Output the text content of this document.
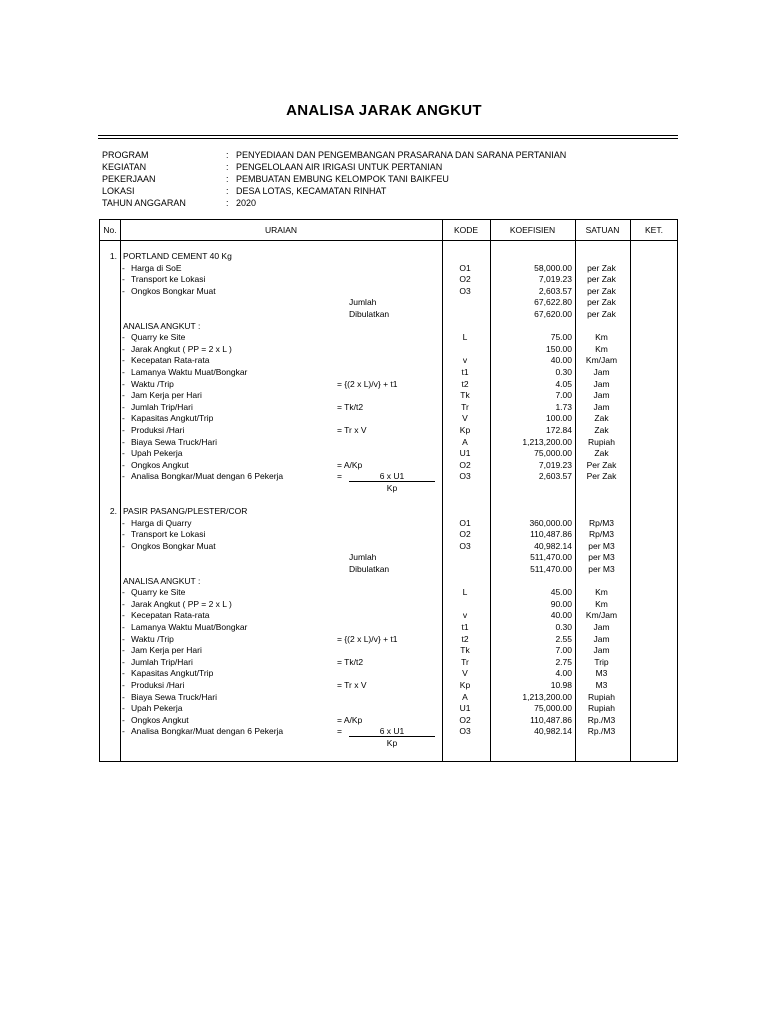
ANALISA JARAK ANGKUT
PROGRAM	: PENYEDIAAN DAN PENGEMBANGAN PRASARANA DAN SARANA PERTANIAN
KEGIATAN	: PENGELOLAAN AIR IRIGASI UNTUK PERTANIAN
PEKERJAAN	: PEMBUATAN EMBUNG KELOMPOK TANI BAIKFEU
LOKASI	: DESA LOTAS, KECAMATAN RINHAT
TAHUN ANGGARAN	: 2020
No.	URAIAN	KODE	KOEFISIEN	SATUAN	KET.
1. PORTLAND CEMENT 40 Kg
- Harga di SoE	O1	58,000.00	per Zak
- Transport ke Lokasi	O2	7,019.23	per Zak
- Ongkos Bongkar Muat	O3	2,603.57	per Zak
Jumlah	67,622.80	per Zak
Dibulatkan	67,620.00	per Zak
ANALISA ANGKUT :
- Quarry ke Site	L	75.00	Km
- Jarak Angkut ( PP = 2 x L )	150.00	Km
- Kecepatan Rata-rata	v	40.00	Km/Jam
- Lamanya Waktu Muat/Bongkar	t1	0.30	Jam
- Waktu /Trip	= {(2 x L)/v} + t1	t2	4.05	Jam
- Jam Kerja per Hari	Tk	7.00	Jam
- Jumlah Trip/Hari	= Tk/t2	Tr	1.73	Jam
- Kapasitas Angkut/Trip	V	100.00	Zak
- Produksi /Hari	= Tr x V	Kp	172.84	Zak
- Biaya Sewa Truck/Hari	A	1,213,200.00	Rupiah
- Upah Pekerja	U1	75,000.00	Zak
- Ongkos Angkut	= A/Kp	O2	7,019.23	Per Zak
- Analisa Bongkar/Muat dengan 6 Pekerja	=	6 x U1	O3	2,603.57	Per Zak
Kp
2. PASIR PASANG/PLESTER/COR
- Harga di Quarry	O1	360,000.00	Rp/M3
- Transport ke Lokasi	O2	110,487.86	Rp/M3
- Ongkos Bongkar Muat	O3	40,982.14	per M3
Jumlah	511,470.00	per M3
Dibulatkan	511,470.00	per M3
ANALISA ANGKUT :
- Quarry ke Site	L	45.00	Km
- Jarak Angkut ( PP = 2 x L )	90.00	Km
- Kecepatan Rata-rata	v	40.00	Km/Jam
- Lamanya Waktu Muat/Bongkar	t1	0.30	Jam
- Waktu /Trip	= {(2 x L)/v} + t1	t2	2.55	Jam
- Jam Kerja per Hari	Tk	7.00	Jam
- Jumlah Trip/Hari	= Tk/t2	Tr	2.75	Trip
- Kapasitas Angkut/Trip	V	4.00	M3
- Produksi /Hari	= Tr x V	Kp	10.98	M3
- Biaya Sewa Truck/Hari	A	1,213,200.00	Rupiah
- Upah Pekerja	U1	75,000.00	Rupiah
- Ongkos Angkut	= A/Kp	O2	110,487.86	Rp./M3
- Analisa Bongkar/Muat dengan 6 Pekerja	=	6 x U1	O3	40,982.14	Rp./M3
Kp
